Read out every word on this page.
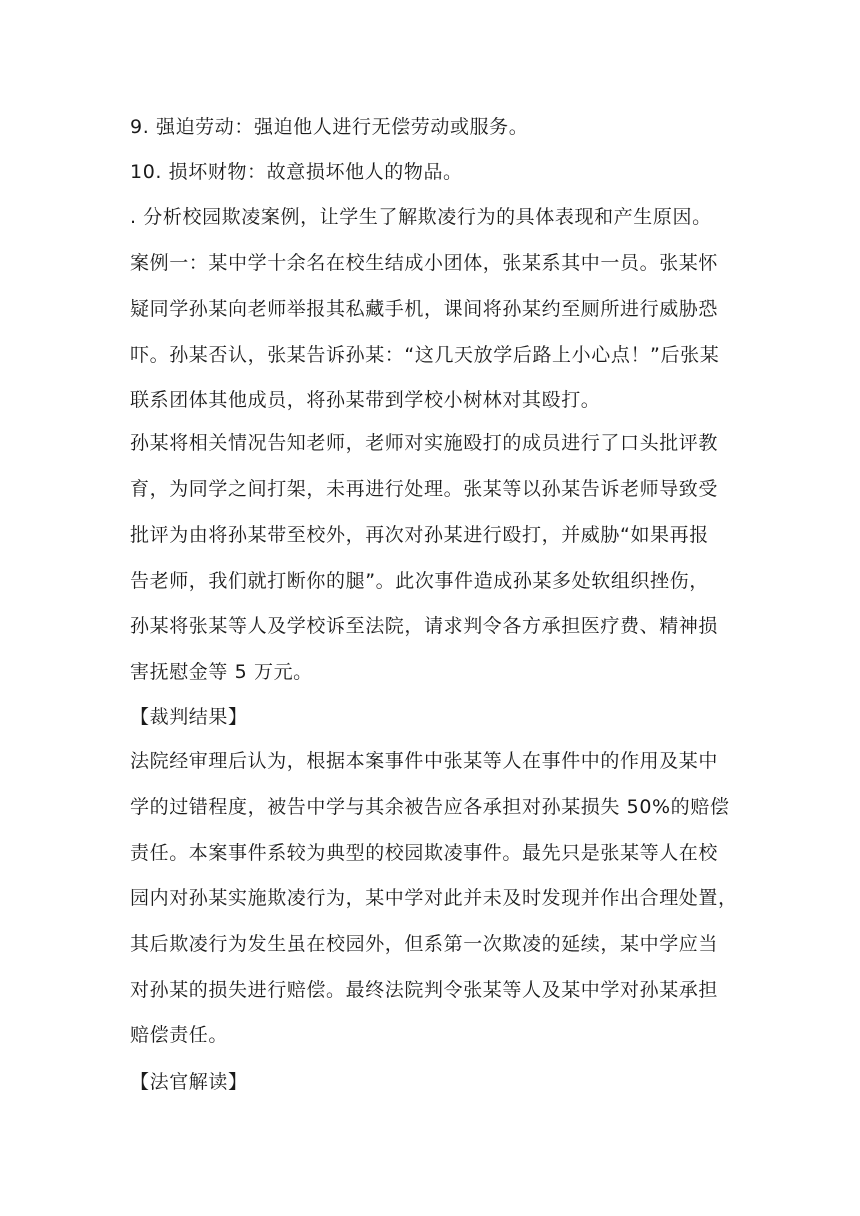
9. 强迫劳动：强迫他人进行无偿劳动或服务。
10. 损坏财物：故意损坏他人的物品。
. 分析校园欺凌案例，让学生了解欺凌行为的具体表现和产生原因。
案例一：某中学十余名在校生结成小团体，张某系其中一员。张某怀
疑同学孙某向老师举报其私藏手机，课间将孙某约至厕所进行威胁恐
吓。孙某否认，张某告诉孙某：“这几天放学后路上小心点！”后张某
联系团体其他成员，将孙某带到学校小树林对其殴打。
孙某将相关情况告知老师，老师对实施殴打的成员进行了口头批评教
育，为同学之间打架，未再进行处理。张某等以孙某告诉老师导致受
批评为由将孙某带至校外，再次对孙某进行殴打，并威胁“如果再报
告老师，我们就打断你的腿”。此次事件造成孙某多处软组织挫伤，
孙某将张某等人及学校诉至法院，请求判令各方承担医疗费、精神损
害抚慰金等 5 万元。
【裁判结果】
法院经审理后认为，根据本案事件中张某等人在事件中的作用及某中
学的过错程度，被告中学与其余被告应各承担对孙某损失 50%的赔偿
责任。本案事件系较为典型的校园欺凌事件。最先只是张某等人在校
园内对孙某实施欺凌行为，某中学对此并未及时发现并作出合理处置，
其后欺凌行为发生虽在校园外，但系第一次欺凌的延续，某中学应当
对孙某的损失进行赔偿。最终法院判令张某等人及某中学对孙某承担
赔偿责任。
【法官解读】
